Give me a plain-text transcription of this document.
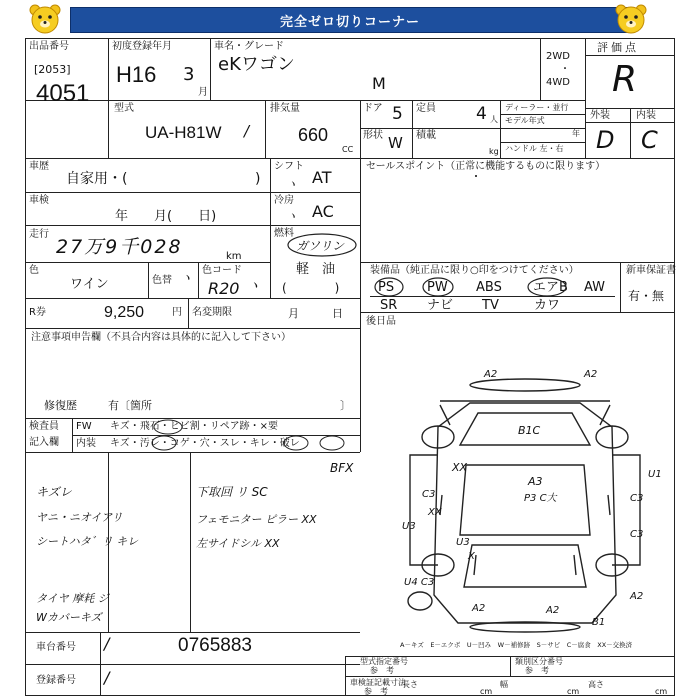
完全ゼロ切りコーナー
出品番号
[2053]
4051
初度登録年月
H16 3
月
車名・グレード
eKワゴン
M
2WD
・
4WD
評価点
R
外装	内装
D C
型式
UA-H81W /
排気量
660
CC
ドア 5
形状 W
定員 4 人
積載
kg
ディーラー・並行
モデル年式
年
ハンドル 左・右
車歴
自家用・(	)
シフト
AT
ヽ
車検
年　　月(　　日)
冷房
AC
ヽ
走行
27万9千028	km
燃料
ガソリン
軽　油
(　　　　)
色
ワイン	色替 ヽ
色コード
R20 ヽ
R券	9,250	円 名変期限	月　　　日
セールスポイント（正常に機能するものに限ります）
装備品（純正品に限り○印をつけてください）	新車保証書
有・無
PS	PW ABS エアB AW
SR ナビ TV	カワ
後日品
注意事項申告欄（不具合内容は具体的に記入して下さい）
修復歴	有〔箇所	〕
検査員
記入欄
FW キズ・飛石・ヒビ割・リペア跡・×要
内装 キズ・汚レ・コゲ・穴・スレ・キレ・破レ
キズレ
ヤニ・ニオイアリ
シートハタ゛リ キレ
タイヤ 摩耗 ジ
Wカバーキズ
下取回 リ SC
フェモニター ピラー XX
左サイドシル XX
BFX
A2	A2
B1C
XX
A3
P3 C大
U1
C3
C3
U3
C3
XX
U3
X
U4 C3
A2
A2	A2
B1
A－キズ　E－エクボ　U－凹み　W－補修跡　S－サビ　C－腐食　XX－交換済
車台番号	0765883
/
登録番号 /
型式指定番号
参　考
類別区分番号
参　考
車検証記載寸法
参　考
長さ
cm
幅
cm
高さ
cm
